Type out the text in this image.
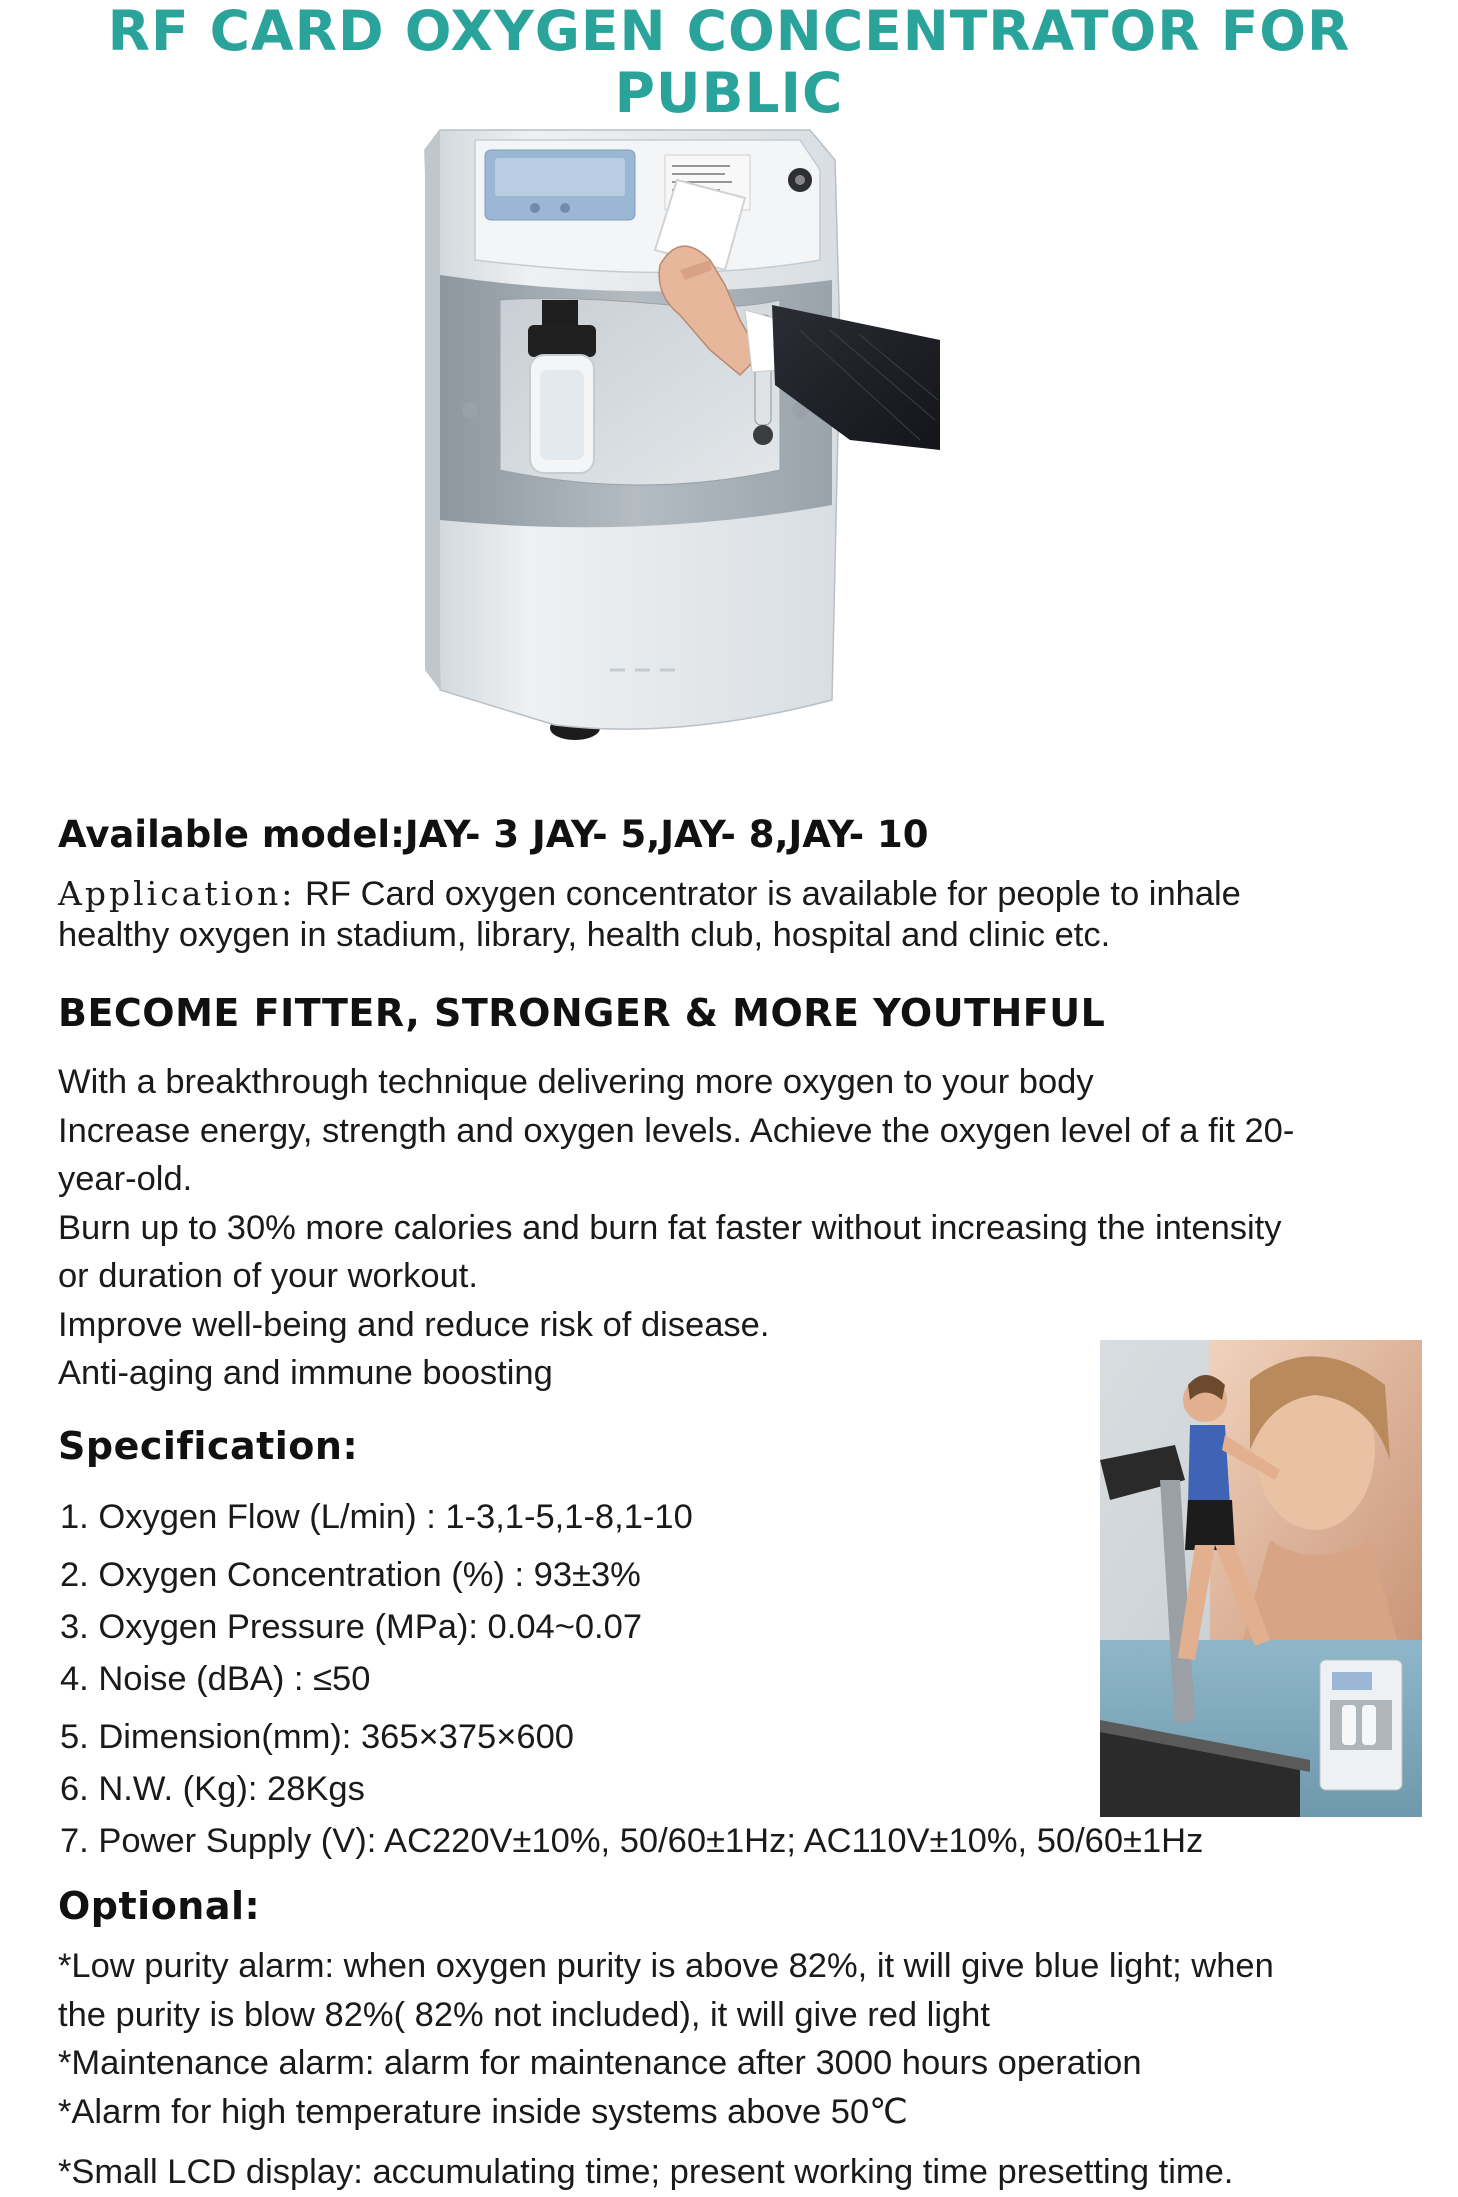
RF CARD OXYGEN CONCENTRATOR FOR PUBLIC
Available model:JAY- 3 JAY- 5,JAY- 8,JAY- 10
Application: RF Card oxygen concentrator is available for people to inhale
healthy oxygen in stadium, library, health club, hospital and clinic etc.
BECOME FITTER, STRONGER & MORE YOUTHFUL
With a breakthrough technique delivering more oxygen to your body
Increase energy, strength and oxygen levels. Achieve the oxygen level of a fit 20-
year-old.
Burn up to 30% more calories and burn fat faster without increasing the intensity
or duration of your workout.
Improve well-being and reduce risk of disease.
Anti-aging and immune boosting
Specification:
1. Oxygen Flow (L/min) : 1-3,1-5,1-8,1-10
2. Oxygen Concentration (%) : 93±3%
3. Oxygen Pressure (MPa): 0.04~0.07
4. Noise (dBA) : ≤50
5. Dimension(mm): 365×375×600
6. N.W. (Kg): 28Kgs
7. Power Supply (V): AC220V±10%, 50/60±1Hz; AC110V±10%, 50/60±1Hz
Optional:
*Low purity alarm: when oxygen purity is above 82%, it will give blue light; when
the purity is blow 82%( 82% not included), it will give red light
*Maintenance alarm: alarm for maintenance after 3000 hours operation
*Alarm for high temperature inside systems above 50℃
*Small LCD display: accumulating time; present working time presetting time.
